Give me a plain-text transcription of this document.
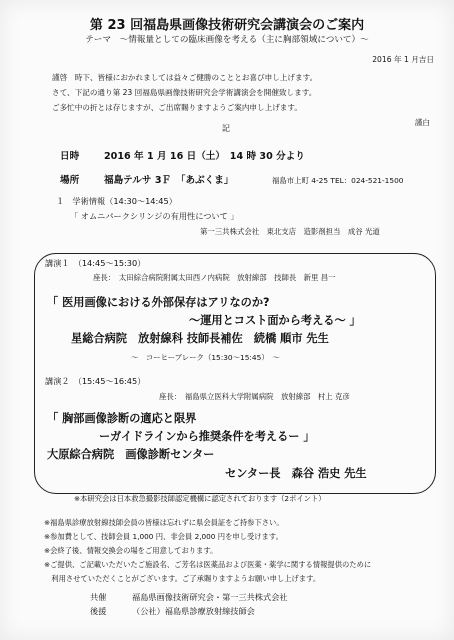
第 23 回福島県画像技術研究会講演会のご案内
テーマ　～情報量としての臨床画像を考える（主に胸部領域について）～
2016 年 1 月吉日
謹啓　時下、皆様におかれましては益々ご健勝のこととお喜び申し上げます。
さて、下記の通り第 23 回福島県画像技術研究会学術講演会を開催致します。
ご多忙中の折とは存じますが、ご出席賜りますようご案内申し上げます。
謹白
記
日時	2016 年 1 月 16 日（土）　14 時 30 分より
場所	福島テルサ 3Ｆ　「あぶくま」	福島市上町 4-25 TEL：024-521-1500
１　学術情報（14:30～14:45）
「 オムニパークシリンジの有用性について 」
第一三共株式会社　東北支店　造影剤担当　成谷 光道
講演１　（14:45～15:30）
座長：　太田綜合病院附属太田西ノ内病院　放射線部　技師長　新里 昌一
「 医用画像における外部保存はアリなのか?
～運用とコスト面から考える～ 」
星総合病院　放射線科 技師長補佐　続橋 順市 先生
～　コーヒーブレーク（15:30～15:45）　～
講演２　（15:45～16:45）
座長：　福島県立医科大学附属病院　放射線部　村上 克彦
「 胸部画像診断の適応と限界
ーガイドラインから推奨条件を考えるー 」
大原綜合病院　画像診断センター
センター長　森谷 浩史 先生
※本研究会は日本救急撮影技師認定機構に認定されております（2ポイント）
※福島県診療放射線技師会員の皆様は忘れずに県会員証をご持参下さい。
※参加費として、技師会員 1,000 円、非会員 2,000 円を申し受けます。
※会終了後、情報交換会の場をご用意しております。
※ご提供、ご記載いただいたご施設名、ご芳名は医薬品および医薬・薬学に関する情報提供のために
　利用させていただくことがございます。ご了承賜りますようお願い申し上げます。
共催	福島県画像技術研究会・第一三共株式会社
後援	（公社）福島県診療放射線技師会
